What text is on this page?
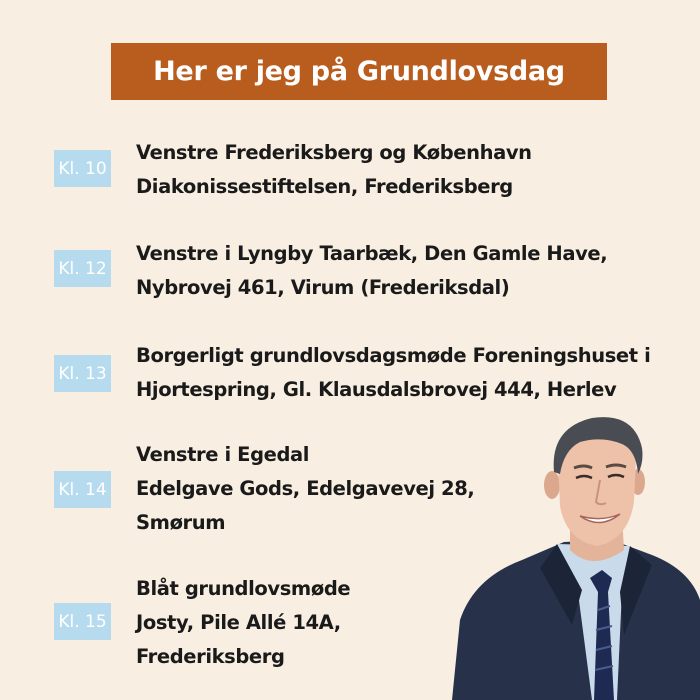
Her er jeg på Grundlovsdag
Kl. 10
Venstre Frederiksberg og København
Diakonissestiftelsen, Frederiksberg
Kl. 12
Venstre i Lyngby Taarbæk, Den Gamle Have,
Nybrovej 461, Virum (Frederiksdal)
Kl. 13
Borgerligt grundlovsdagsmøde Foreningshuset i
Hjortespring, Gl. Klausdalsbrovej 444, Herlev
Kl. 14
Venstre i Egedal
Edelgave Gods, Edelgavevej 28,
Smørum
Kl. 15
Blåt grundlovsmøde
Josty, Pile Allé 14A,
Frederiksberg
